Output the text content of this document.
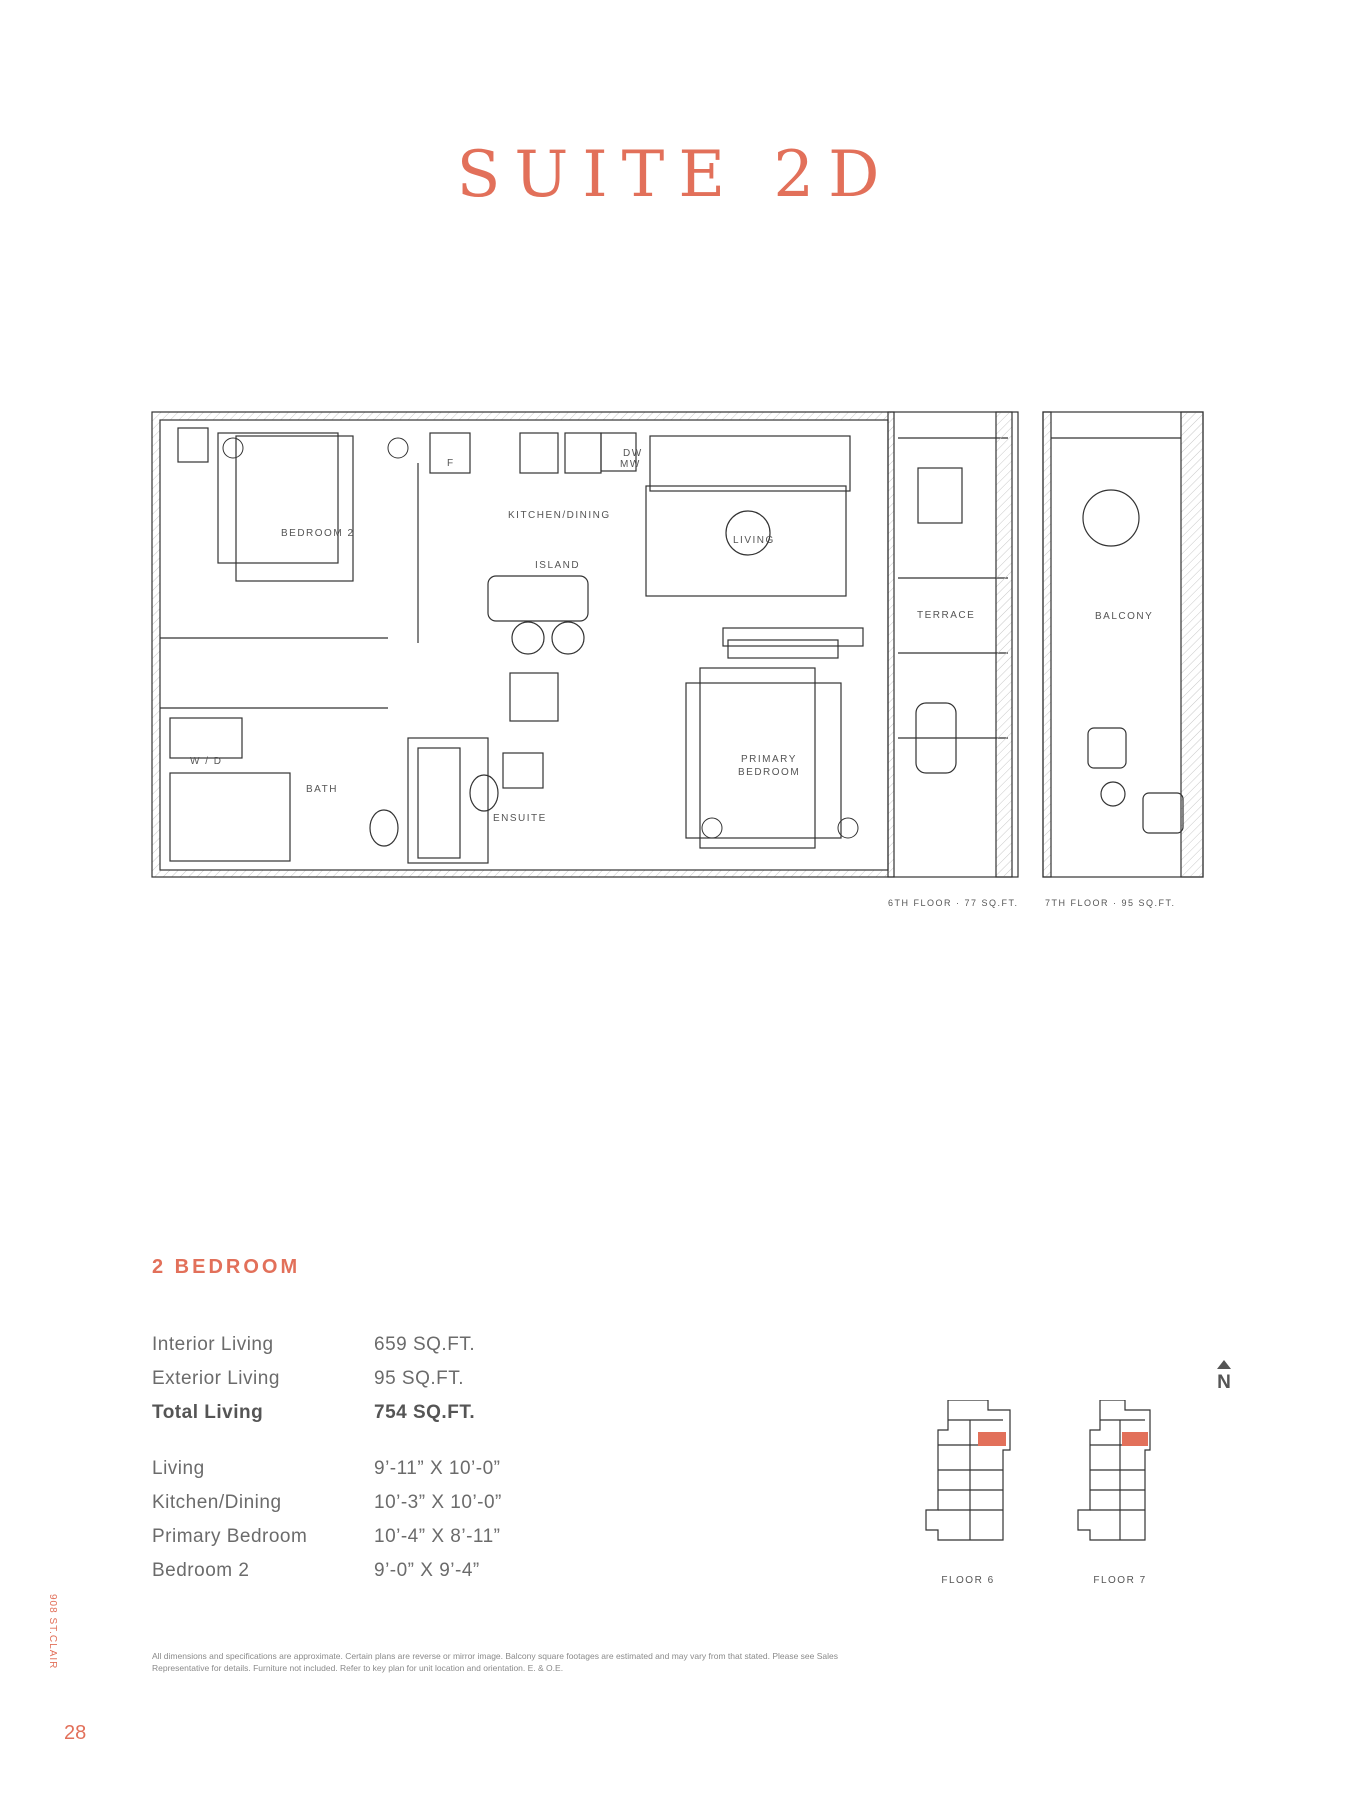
SUITE 2D
BEDROOM 2
KITCHEN/DINING
ISLAND
LIVING
TERRACE	BALCONY
PRIMARY
BEDROOM
BATH
ENSUITE
W / D
F
DW
MW
6TH FLOOR · 77 SQ.FT.	7TH FLOOR · 95 SQ.FT.
2 BEDROOM
Interior Living	659 SQ.FT.
Exterior Living	95 SQ.FT.
Total Living	754 SQ.FT.
Living	9’-11” X 10’-0”
Kitchen/Dining	10’-3” X 10’-0”
Primary Bedroom	10’-4” X 8’-11”
Bedroom 2	9’-0” X 9’-4”
N
FLOOR 6	FLOOR 7
All dimensions and specifications are approximate. Certain plans are reverse or mirror image. Balcony square footages are estimated and may vary from that stated. Please see Sales Representative for details. Furniture not included. Refer to key plan for unit location and orientation. E. & O.E.
908 ST.CLAIR
28
